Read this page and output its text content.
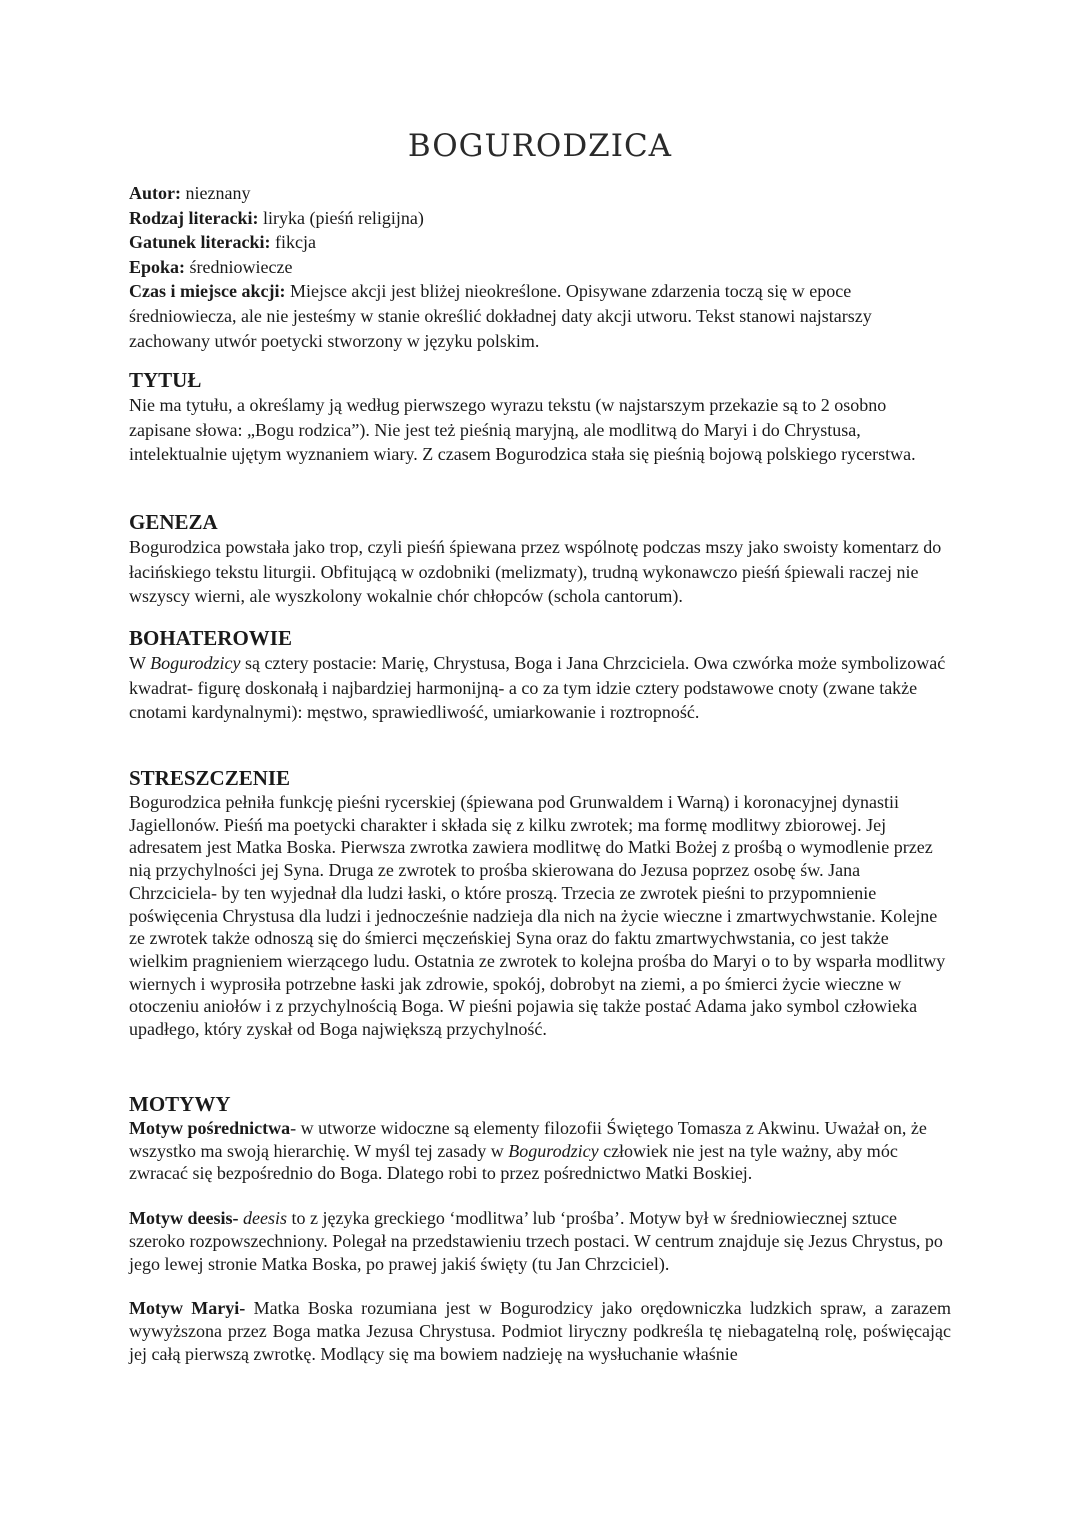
BOGURODZICA
Autor: nieznany
Rodzaj literacki: liryka (pieśń religijna)
Gatunek literacki: fikcja
Epoka: średniowiecze
Czas i miejsce akcji: Miejsce akcji jest bliżej nieokreślone. Opisywane zdarzenia toczą się w epoce średniowiecza, ale nie jesteśmy w stanie określić dokładnej daty akcji utworu. Tekst stanowi najstarszy zachowany utwór poetycki stworzony w języku polskim.
TYTUŁ

Nie ma tytułu, a określamy ją według pierwszego wyrazu tekstu (w najstarszym przekazie są to 2 osobno zapisane słowa: „Bogu rodzica”). Nie jest też pieśnią maryjną, ale modlitwą do Maryi i do Chrystusa, intelektualnie ujętym wyznaniem wiary. Z czasem Bogurodzica stała się pieśnią bojową polskiego rycerstwa.

GENEZA

Bogurodzica powstała jako trop, czyli pieśń śpiewana przez wspólnotę podczas mszy jako swoisty komentarz do łacińskiego tekstu liturgii. Obfitującą w ozdobniki (melizmaty), trudną wykonawczo pieśń śpiewali raczej nie wszyscy wierni, ale wyszkolony wokalnie chór chłopców (schola cantorum).

BOHATEROWIE

W Bogurodzicy są cztery postacie: Marię, Chrystusa, Boga i Jana Chrzciciela. Owa czwórka może symbolizować kwadrat- figurę doskonałą i najbardziej harmonijną- a co za tym idzie cztery podstawowe cnoty (zwane także cnotami kardynalnymi): męstwo, sprawiedliwość, umiarkowanie i roztropność.

STRESZCZENIE

Bogurodzica pełniła funkcję pieśni rycerskiej (śpiewana pod Grunwaldem i Warną) i koronacyjnej dynastii Jagiellonów. Pieśń ma poetycki charakter i składa się z kilku zwrotek; ma formę modlitwy zbiorowej. Jej adresatem jest Matka Boska. Pierwsza zwrotka zawiera modlitwę do Matki Bożej z prośbą o wymodlenie przez nią przychylności jej Syna. Druga ze zwrotek to prośba skierowana do Jezusa poprzez osobę św. Jana Chrzciciela- by ten wyjednał dla ludzi łaski, o które proszą. Trzecia ze zwrotek pieśni to przypomnienie poświęcenia Chrystusa dla ludzi i jednocześnie nadzieja dla nich na życie wieczne i zmartwychwstanie. Kolejne ze zwrotek także odnoszą się do śmierci męczeńskiej Syna oraz do faktu zmartwychwstania, co jest także wielkim pragnieniem wierzącego ludu. Ostatnia ze zwrotek to kolejna prośba do Maryi o to by wsparła modlitwy wiernych i wyprosiła potrzebne łaski jak zdrowie, spokój, dobrobyt na ziemi, a po śmierci życie wieczne w otoczeniu aniołów i z przychylnością Boga. W pieśni pojawia się także postać Adama jako symbol człowieka upadłego, który zyskał od Boga największą przychylność.

MOTYWY

Motyw pośrednictwa- w utworze widoczne są elementy filozofii Świętego Tomasza z Akwinu. Uważał on, że wszystko ma swoją hierarchię. W myśl tej zasady w Bogurodzicy człowiek nie jest na tyle ważny, aby móc zwracać się bezpośrednio do Boga. Dlatego robi to przez pośrednictwo Matki Boskiej.

Motyw deesis- deesis to z języka greckiego ‘modlitwa’ lub ‘prośba’. Motyw był w średniowiecznej sztuce szeroko rozpowszechniony. Polegał na przedstawieniu trzech postaci. W centrum znajduje się Jezus Chrystus, po jego lewej stronie Matka Boska, po prawej jakiś święty (tu Jan Chrzciciel).

Motyw Maryi- Matka Boska rozumiana jest w Bogurodzicy jako orędowniczka ludzkich spraw, a zarazem wywyższona przez Boga matka Jezusa Chrystusa. Podmiot liryczny podkreśla tę niebagatelną rolę, poświęcając jej całą pierwszą zwrotkę. Modlący się ma bowiem nadzieję na wysłuchanie właśnie
